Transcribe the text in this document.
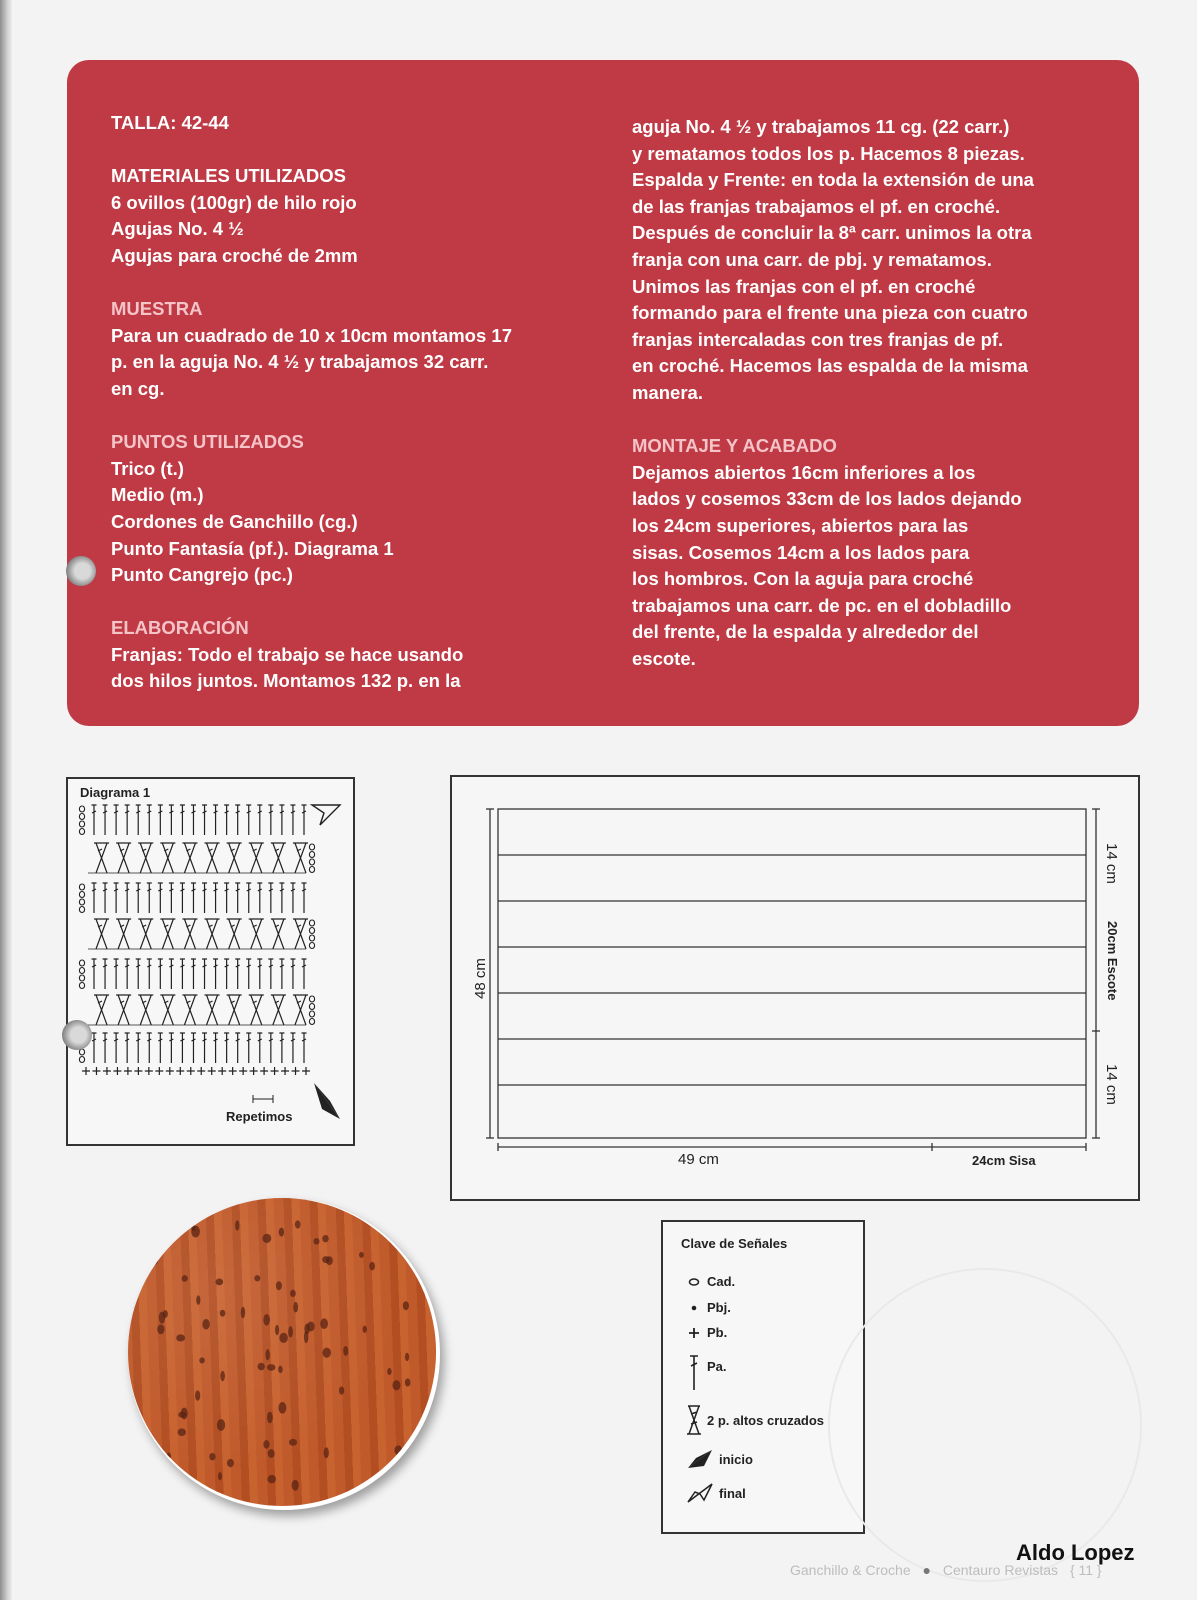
TALLA: 42-44

MATERIALES UTILIZADOS

6 ovillos (100gr) de hilo rojo

Agujas No. 4 ½

Agujas para croché de 2mm

MUESTRA

Para un cuadrado de 10 x 10cm montamos 17

p. en la aguja No. 4 ½ y trabajamos 32 carr.

en cg.

PUNTOS UTILIZADOS

Trico (t.)

Medio (m.)

Cordones de Ganchillo (cg.)

Punto Fantasía (pf.). Diagrama 1

Punto Cangrejo (pc.)

ELABORACIÓN

Franjas: Todo el trabajo se hace usando

dos hilos juntos. Montamos 132 p. en la

aguja No. 4 ½ y trabajamos 11 cg. (22 carr.)

y rematamos todos los p. Hacemos 8 piezas.

Espalda y Frente: en toda la extensión de una

de las franjas trabajamos el pf. en croché.

Después de concluir la 8ª carr. unimos la otra

franja con una carr. de pbj. y rematamos.

Unimos las franjas con el pf. en croché

formando para el frente una pieza con cuatro

franjas intercaladas con tres franjas de pf.

en croché. Hacemos las espalda de la misma

manera.

MONTAJE Y ACABADO

Dejamos abiertos 16cm inferiores a los

lados y cosemos 33cm de los lados dejando

los 24cm superiores, abiertos para las

sisas. Cosemos 14cm a los lados para

los hombros. Con la aguja para croché

trabajamos una carr. de pc. en el dobladillo

del frente, de la espalda y alrededor del

escote.

Diagrama 1
Repetimos
48 cm
49 cm	24cm Sisa
14 cm
20cm Escote
14 cm
Clave de Señales
Cad.
Pbj.
Pb.
Pa.
2 p. altos cruzados
inicio
final
Aldo Lopez
Ganchillo & Croche ● Centauro Revistas { 11 }
